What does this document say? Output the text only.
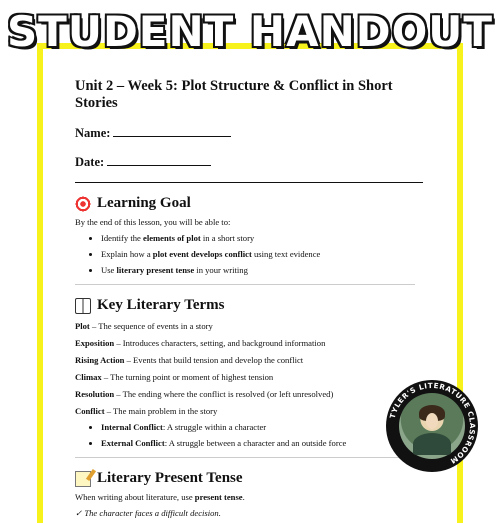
STUDENT HANDOUT

Unit 2 – Week 5: Plot Structure & Conflict in Short Stories

Name:
Date:
Learning Goal
By the end of this lesson, you will be able to:
• Identify the elements of plot in a short story
• Explain how a plot event develops conflict using text evidence
• Use literary present tense in your writing
Key Literary Terms
Plot – The sequence of events in a story
Exposition – Introduces characters, setting, and background information
Rising Action – Events that build tension and develop the conflict
Climax – The turning point or moment of highest tension
Resolution – The ending where the conflict is resolved (or left unresolved)
Conflict – The main problem in the story
• Internal Conflict: A struggle within a character
• External Conflict: A struggle between a character and an outside force
Literary Present Tense
When writing about literature, use present tense.
✓ The character faces a difficult decision.
TYLER'S LITERATURE CLASSROOM
